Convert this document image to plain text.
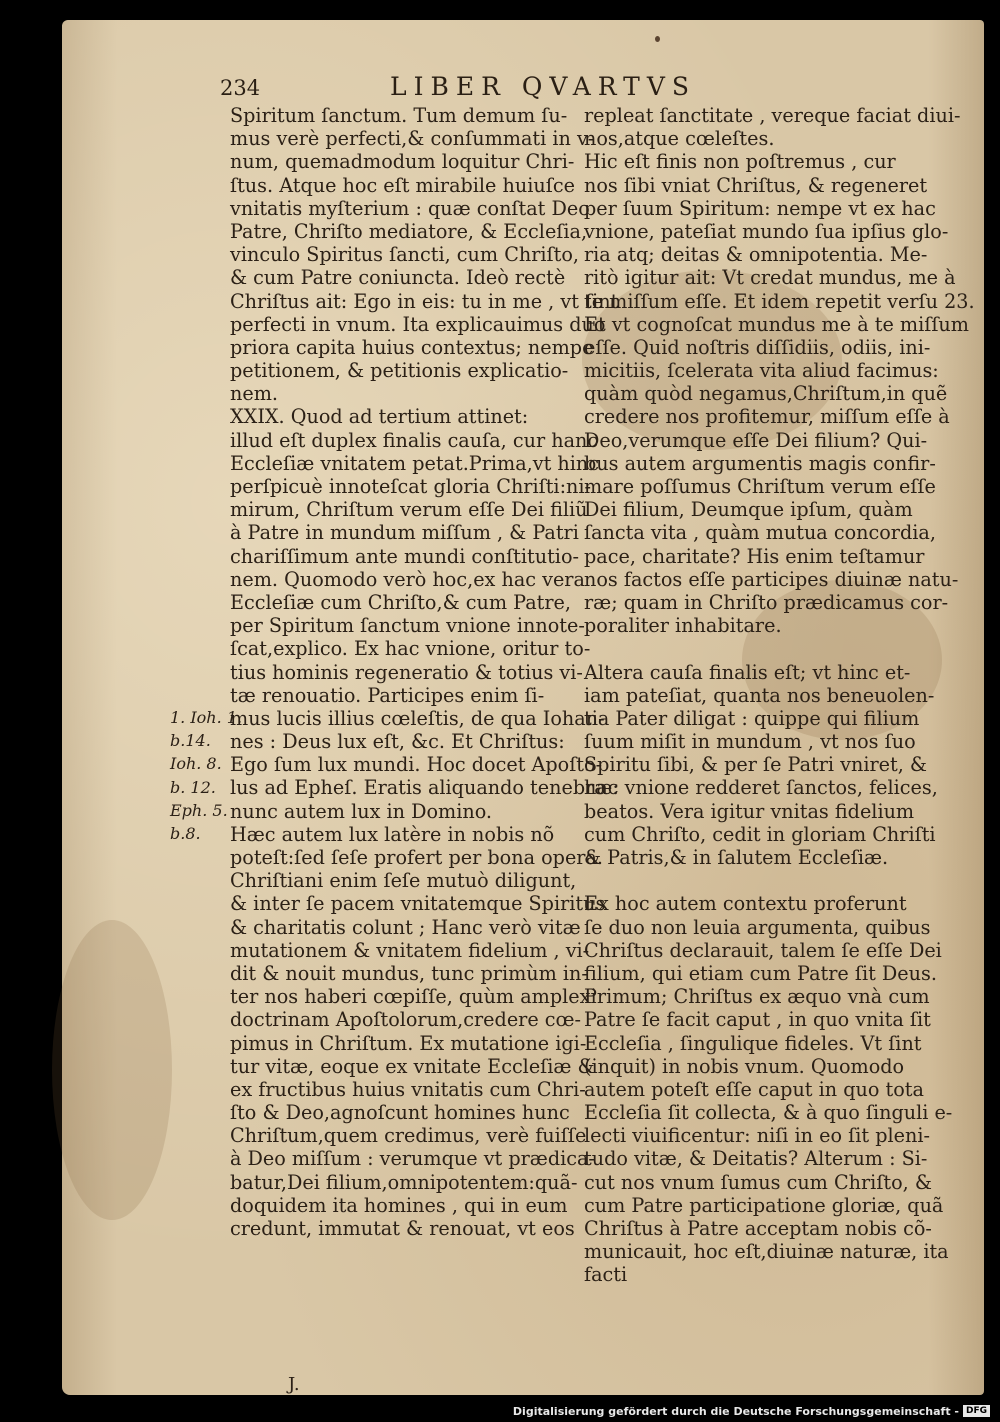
234	LIBER QVARTVS
Spiritum ſanctum. Tum demum ſu-
mus verè perfecti,& conſummati in v-
num, quemadmodum loquitur Chri-
ſtus. Atque hoc eſt mirabile huiuſce
vnitatis myſterium : quæ conſtat Deo
Patre, Chriſto mediatore, & Eccleſia,
vinculo Spiritus ſancti, cum Chriſto,
& cum Patre coniuncta. Ideò rectè
Chriſtus ait: Ego in eis: tu in me , vt ſint
perfecti in vnum. Ita explicauimus duo
priora capita huius contextus; nempe
petitionem, & petitionis explicatio-
nem.
XXIX. Quod ad tertium attinet:
illud eſt duplex finalis cauſa, cur hanc
Eccleſiæ vnitatem petat.Prima,vt hinc
perſpicuè innoteſcat gloria Chriſti:ni-
mirum, Chriſtum verum eſſe Dei filiũ
à Patre in mundum miſſum , & Patri
chariſſimum ante mundi conſtitutio-
nem. Quomodo verò hoc,ex hac vera
Eccleſiæ cum Chriſto,& cum Patre,
per Spiritum ſanctum vnione innote-
ſcat,explico. Ex hac vnione, oritur to-
tius hominis regeneratio & totius vi-
tæ renouatio. Participes enim ſi-
mus lucis illius cœleſtis, de qua Iohan-
nes : Deus lux eſt, &c. Et Chriſtus:
Ego ſum lux mundi. Hoc docet Apoſto-
lus ad Epheſ. Eratis aliquando tenebræ:
nunc autem lux in Domino.
Hæc autem lux latère in nobis nõ
poteſt:ſed ſeſe profert per bona opera.
Chriſtiani enim ſeſe mutuò diligunt,
& inter ſe pacem vnitatemque Spiritus
& charitatis colunt ; Hanc verò vitæ
mutationem & vnitatem fidelium , vi-
dit & nouit mundus, tunc primùm in-
ter nos haberi cœpiſſe, quùm amplexi
doctrinam Apoſtolorum,credere cœ-
pimus in Chriſtum. Ex mutatione igi-
tur vitæ, eoque ex vnitate Eccleſiæ &
ex fructibus huius vnitatis cum Chri-
ſto & Deo,agnoſcunt homines hunc
Chriſtum,quem credimus, verè fuiſſe
à Deo miſſum : verumque vt prædica-
batur,Dei filium,omnipotentem:quã-
doquidem ita homines , qui in eum
credunt, immutat & renouat, vt eos
repleat ſanctitate , vereque faciat diui-
nos,atque cœleſtes.
Hic eſt finis non poſtremus , cur
nos ſibi vniat Chriſtus, & regeneret
per ſuum Spiritum: nempe vt ex hac
vnione, pateſiat mundo ſua ipſius glo-
ria atq; deitas & omnipotentia. Me-
ritò igitur ait: Vt credat mundus, me à
te miſſum eſſe. Et idem repetit verſu 23.
Et vt cognoſcat mundus me à te miſſum
eſſe. Quid noſtris diſſidiis, odiis, ini-
micitiis, ſcelerata vita aliud facimus:
quàm quòd negamus,Chriſtum,in quẽ
credere nos profitemur, miſſum eſſe à
Deo,verumque eſſe Dei filium? Qui-
bus autem argumentis magis confir-
mare poſſumus Chriſtum verum eſſe
Dei filium, Deumque ipſum, quàm
ſancta vita , quàm mutua concordia,
pace, charitate? His enim teſtamur
nos factos eſſe participes diuinæ natu-
ræ; quam in Chriſto prædicamus cor-
poraliter inhabitare.
Altera cauſa finalis eſt; vt hinc et-
iam pateſiat, quanta nos beneuolen-
tia Pater diligat : quippe qui filium
ſuum miſit in mundum , vt nos ſuo
Spiritu ſibi, & per ſe Patri vniret, &
hac vnione redderet ſanctos, felices,
beatos. Vera igitur vnitas fidelium
cum Chriſto, cedit in gloriam Chriſti
& Patris,& in ſalutem Eccleſiæ.
Ex hoc autem contextu proferunt
ſe duo non leuia argumenta, quibus
Chriſtus declarauit, talem ſe eſſe Dei
filium, qui etiam cum Patre ſit Deus.
Primum; Chriſtus ex æquo vnà cum
Patre ſe facit caput , in quo vnita ſit
Eccleſia , ſingulique fideles. Vt ſint
(inquit) in nobis vnum. Quomodo
autem poteſt eſſe caput in quo tota
Eccleſia ſit collecta, & à quo ſinguli e-
lecti viuificentur: niſi in eo ſit pleni-
tudo vitæ, & Deitatis? Alterum : Si-
cut nos vnum ſumus cum Chriſto, &
cum Patre participatione gloriæ, quã
Chriſtus à Patre acceptam nobis cõ-
municauit, hoc eſt,diuinæ naturæ, ita
facti
1. Ioh. 1.
b.14.
Ioh. 8.
b. 12.
Eph. 5.
b.8.
J.
Digitalisierung gefördert durch die Deutsche Forschungsgemeinschaft - DFG
